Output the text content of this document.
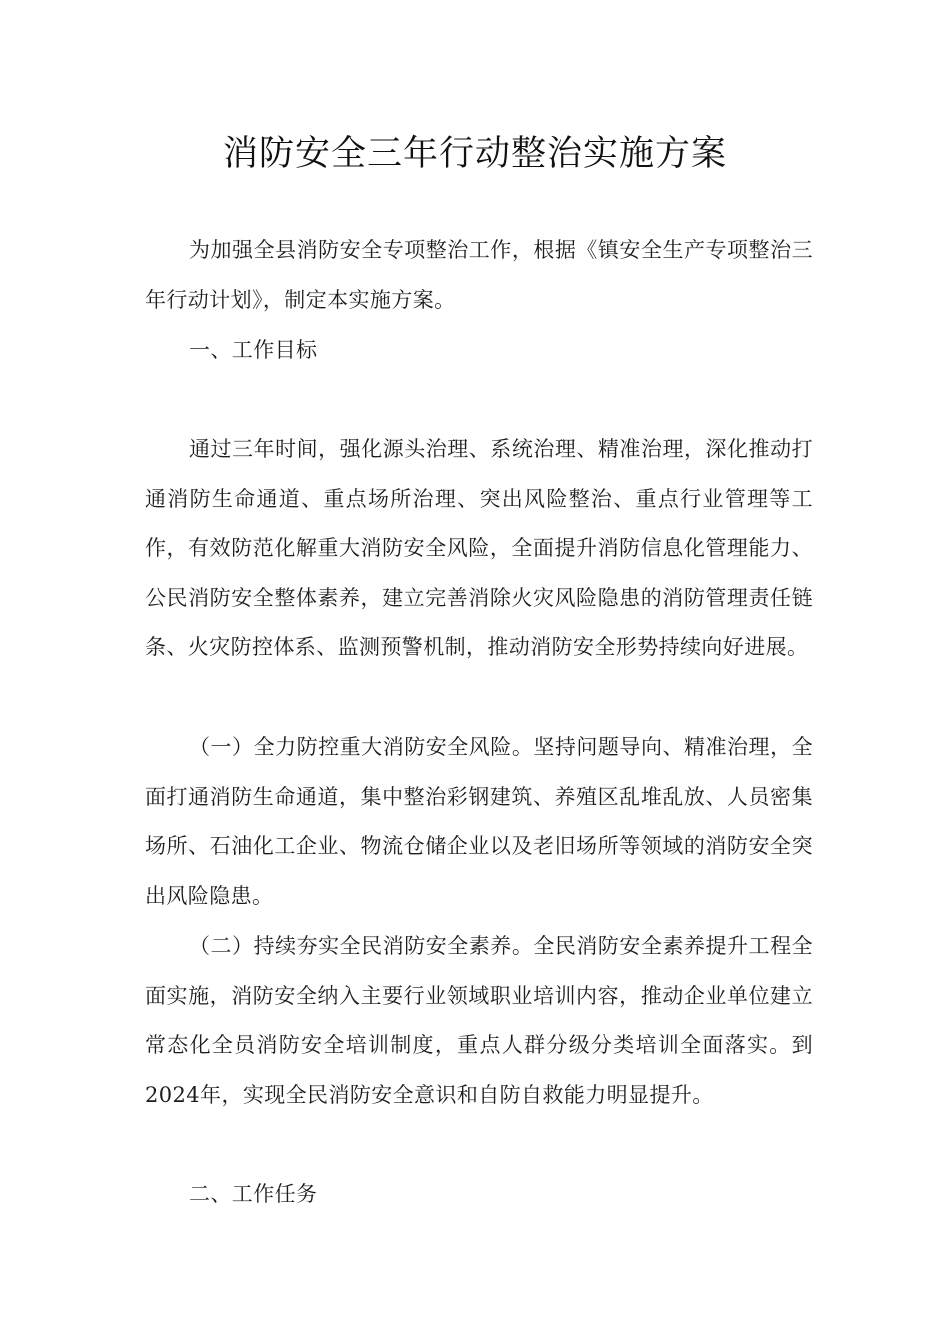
消防安全三年行动整治实施方案

为加强全县消防安全专项整治工作，根据《镇安全生产专项整治三年行动计划》，制定本实施方案。

一、工作目标

通过三年时间，强化源头治理、系统治理、精准治理，深化推动打通消防生命通道、重点场所治理、突出风险整治、重点行业管理等工作，有效防范化解重大消防安全风险，全面提升消防信息化管理能力、公民消防安全整体素养，建立完善消除火灾风险隐患的消防管理责任链条、火灾防控体系、监测预警机制，推动消防安全形势持续向好进展。

（一）全力防控重大消防安全风险。坚持问题导向、精准治理，全面打通消防生命通道，集中整治彩钢建筑、养殖区乱堆乱放、人员密集场所、石油化工企业、物流仓储企业以及老旧场所等领域的消防安全突出风险隐患。

（二）持续夯实全民消防安全素养。全民消防安全素养提升工程全面实施，消防安全纳入主要行业领域职业培训内容，推动企业单位建立常态化全员消防安全培训制度，重点人群分级分类培训全面落实。到2024年，实现全民消防安全意识和自防自救能力明显提升。

二、工作任务
